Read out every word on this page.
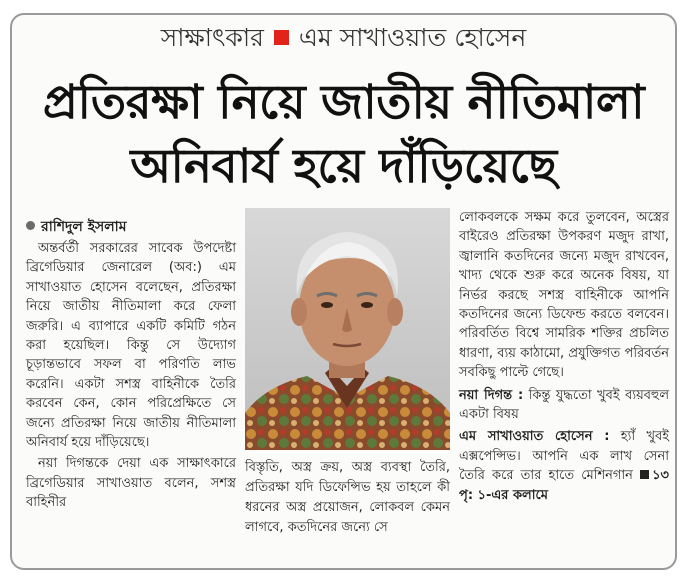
সাক্ষাৎকার এম সাখাওয়াত হোসেন
প্রতিরক্ষা নিয়ে জাতীয় নীতিমালা
অনিবার্য হয়ে দাঁড়িয়েছে
রাশিদুল ইসলাম

অন্তর্বর্তী সরকারের সাবেক উপদেষ্টা ব্রিগেডিয়ার জেনারেল (অব:) এম সাখাওয়াত হোসেন বলেছেন, প্রতিরক্ষা নিয়ে জাতীয় নীতিমালা করে ফেলা জরুরি। এ ব্যাপারে একটি কমিটি গঠন করা হয়েছিল। কিন্তু সে উদ্যোগ চূড়ান্তভাবে সফল বা পরিণতি লাভ করেনি। একটা সশস্ত্র বাহিনীকে তৈরি করবেন কেন, কোন পরিপ্রেক্ষিতে সে জন্যে প্রতিরক্ষা নিয়ে জাতীয় নীতিমালা অনিবার্য হয়ে দাঁড়িয়েছে।

নয়া দিগন্তকে দেয়া এক সাক্ষাৎকারে ব্রিগেডিয়ার সাখাওয়াত বলেন, সশস্ত্র বাহিনীর

বিস্তৃতি, অস্ত্র ক্রয়, অস্ত্র ব্যবস্থা তৈরি, প্রতিরক্ষা যদি ডিফেন্সিভ হয় তাহলে কী ধরনের অস্ত্র প্রয়োজন, লোকবল কেমন লাগবে, কতদিনের জন্যে সে

লোকবলকে সক্ষম করে তুলবেন, অস্ত্রের বাইরেও প্রতিরক্ষা উপকরণ মজুদ রাখা, জ্বালানি কতদিনের জন্যে মজুদ রাখবেন, খাদ্য থেকে শুরু করে অনেক বিষয়, যা নির্ভর করছে সশস্ত্র বাহিনীকে আপনি কতদিনের জন্যে ডিফেন্ড করতে বলবেন। পরিবর্তিত বিশ্বে সামরিক শক্তির প্রচলিত ধারণা, ব্যয় কাঠামো, প্রযুক্তিগত পরিবর্তন সবকিছু পাল্টে গেছে।

নয়া দিগন্ত : কিন্তু যুদ্ধতো খুবই ব্যয়বহুল একটা বিষয়

এম সাখাওয়াত হোসেন : হ্যাঁ খুবই এক্সপেন্সিভ। আপনি এক লাখ সেনা তৈরি করে তার হাতে মেশিনগান ১৩ পৃ: ১-এর কলামে
